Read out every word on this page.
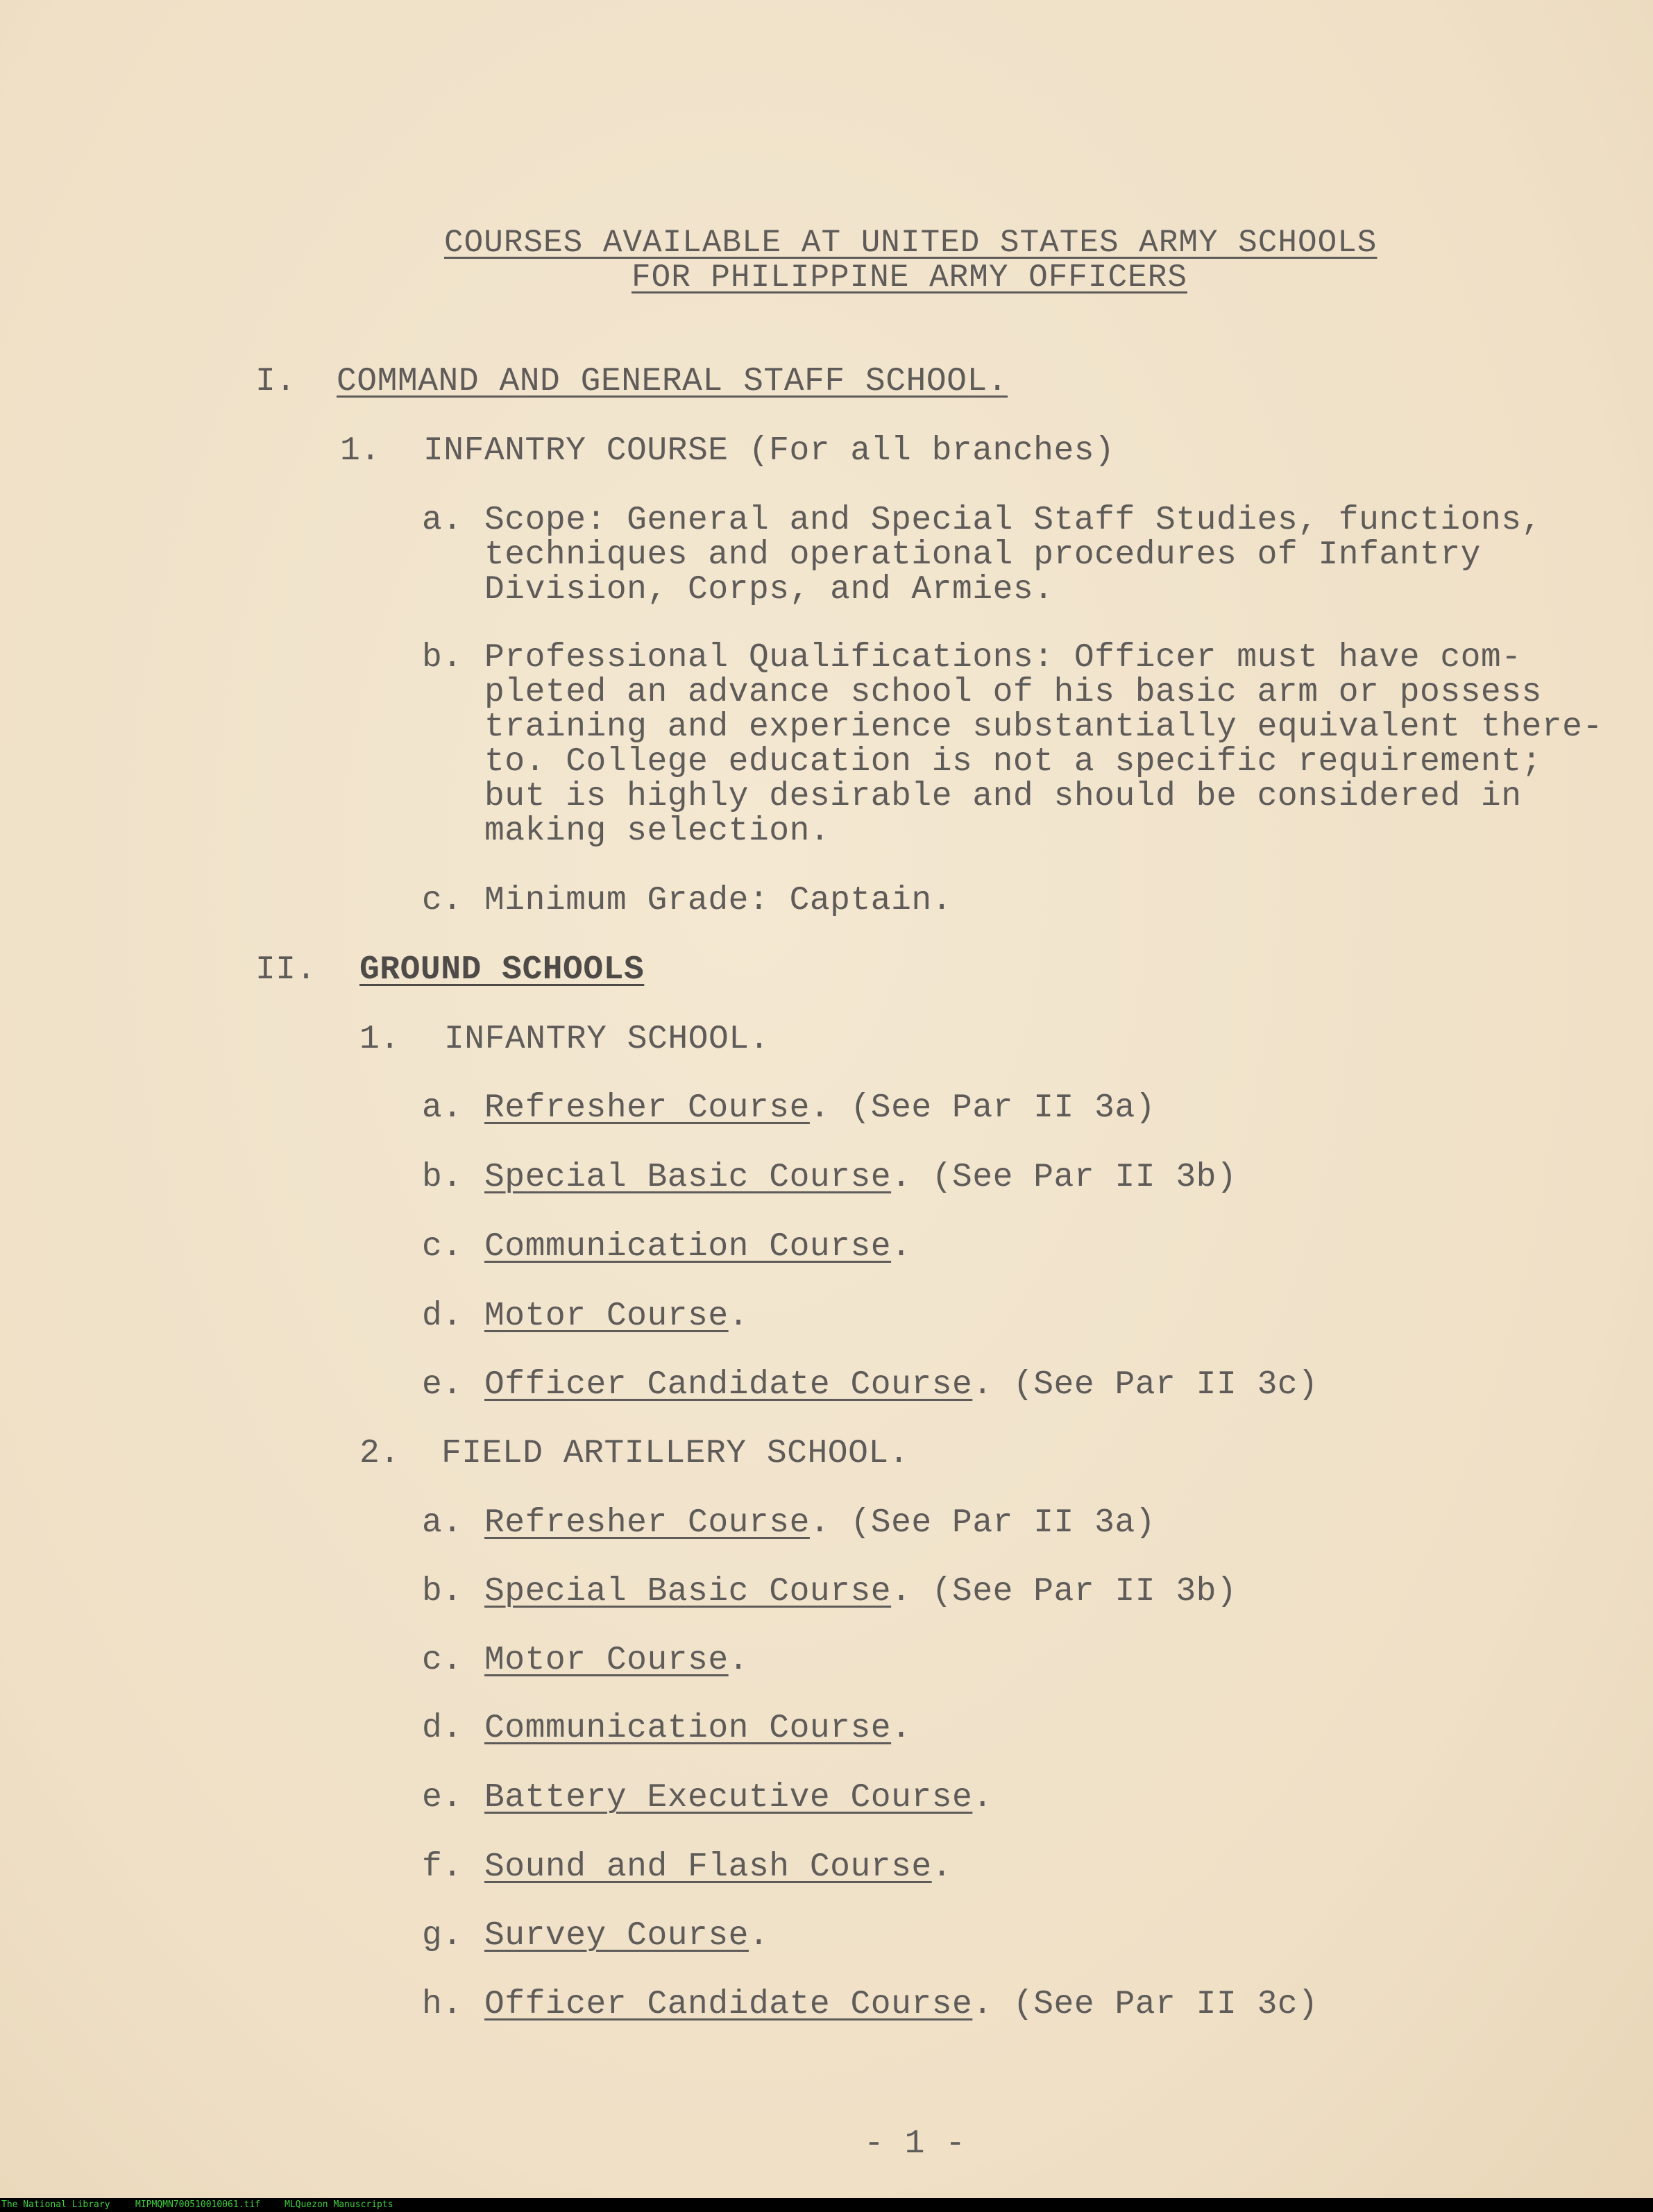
COURSES AVAILABLE AT UNITED STATES ARMY SCHOOLS
FOR PHILIPPINE ARMY OFFICERS
I. COMMAND AND GENERAL STAFF SCHOOL.
1. INFANTRY COURSE (For all branches)
a. Scope: General and Special Staff Studies, functions,
techniques and operational procedures of Infantry
Division, Corps, and Armies.
b. Professional Qualifications: Officer must have com-
pleted an advance school of his basic arm or possess
training and experience substantially equivalent there-
to. College education is not a specific requirement;
but is highly desirable and should be considered in
making selection.
c. Minimum Grade: Captain.
II. GROUND SCHOOLS
1. INFANTRY SCHOOL.
a. Refresher Course. (See Par II 3a)
b. Special Basic Course. (See Par II 3b)
c. Communication Course.
d. Motor Course.
e. Officer Candidate Course. (See Par II 3c)
2. FIELD ARTILLERY SCHOOL.
a. Refresher Course. (See Par II 3a)
b. Special Basic Course. (See Par II 3b)
c. Motor Course.
d. Communication Course.
e. Battery Executive Course.
f. Sound and Flash Course.
g. Survey Course.
h. Officer Candidate Course. (See Par II 3c)
- 1 -
The National Library	MIPMQMN700510010061.tif	MLQuezon Manuscripts
